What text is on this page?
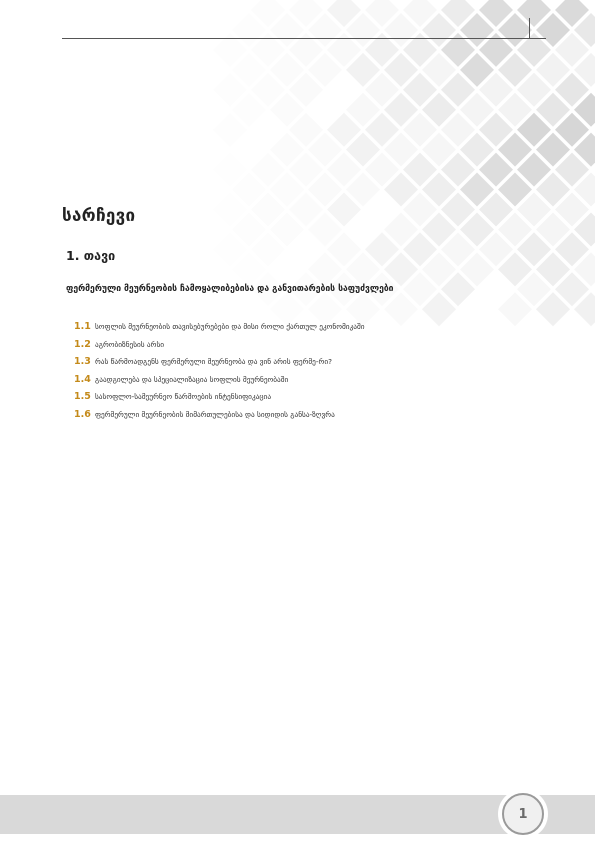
სარჩევი
1. თავი
ფერმერული მეურნეობის ჩამოყალიბებისა და განვითარების საფუძვლები
1.1 სოფლის მეურნეობის თავისებურებები და მისი როლი ქართულ ეკონომიკაში
1.2 აგრობიზნესის არსი
1.3 რას წარმოადგენს ფერმერული მეურნეობა და ვინ არის ფერმე-რი?
1.4 გაადგილება და სპეციალიზაცია სოფლის მეურნეობაში
1.5 სასოფლო-სამეურნეო წარმოების ინტენსიფიკაცია
1.6 ფერმერული მეურნეობის მიმართულებისა და სიდიდის განსა-ზღვრა
1
